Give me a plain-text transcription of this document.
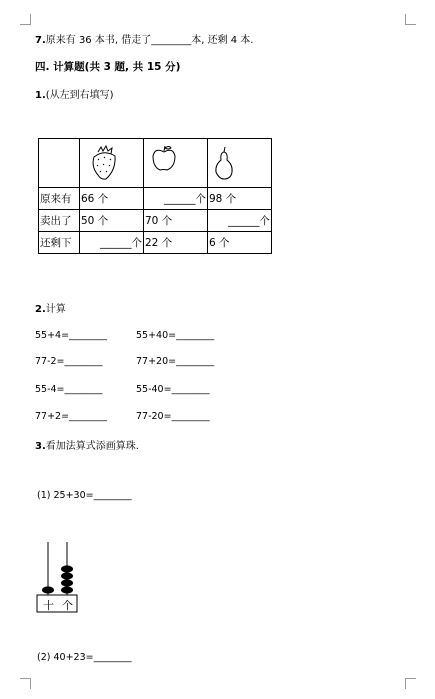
7.原来有 36 本书, 借走了________本, 还剩 4 本.
四. 计算题(共 3 题, 共 15 分)
1.(从左到右填写)

原来有	66 个	______个	98 个
卖出了	50 个	70 个	______个
还剩下	______个	22 个	6 个
2.计算
55+4=________	55+40=________
77-2=________	77+20=________
55-4=________	55-40=________
77+2=________	77-20=________
3.看加法算式添画算珠.
(1) 25+30=________
十 个
(2) 40+23=________
